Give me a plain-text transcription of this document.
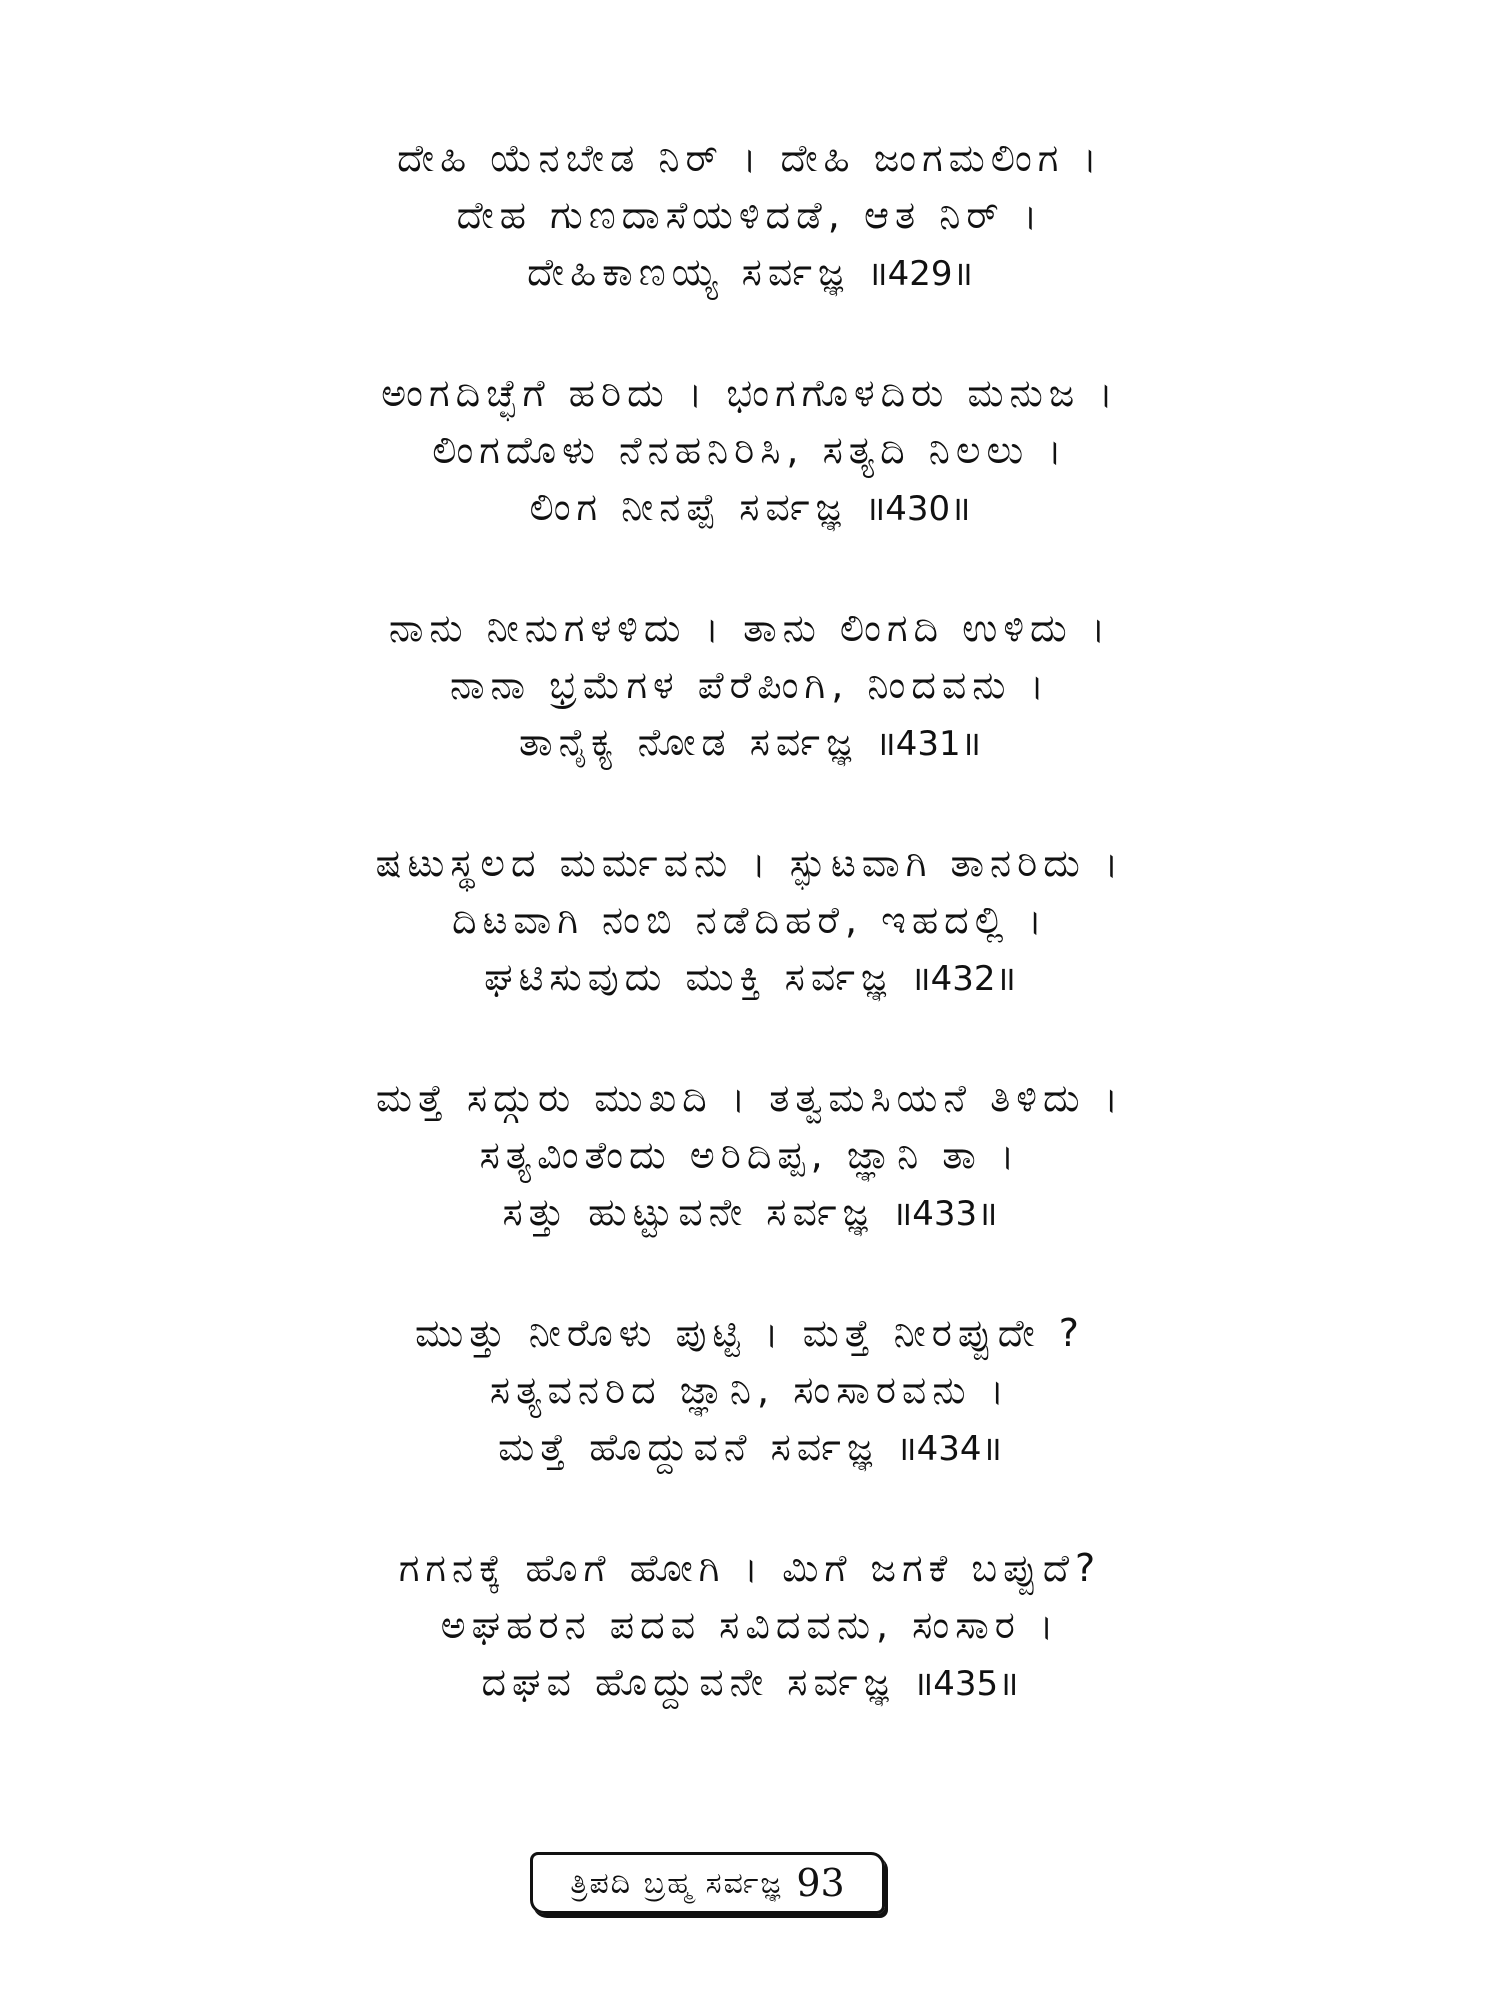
ದೇಹಿ ಯೆನಬೇಡ ನಿರ್ । ದೇಹಿ ಜಂಗಮಲಿಂಗ ।
ದೇಹ ಗುಣದಾಸೆಯಳಿದಡೆ, ಆತ ನಿರ್ ।
ದೇಹಿಕಾಣಯ್ಯ ಸರ್ವಜ್ಞ ॥429॥
ಅಂಗದಿಚ್ಛೆಗೆ ಹರಿದು । ಭಂಗಗೊಳದಿರು ಮನುಜ ।
ಲಿಂಗದೊಳು ನೆನಹನಿರಿಸಿ, ಸತ್ಯದಿ ನಿಲಲು ।
ಲಿಂಗ ನೀನಪ್ಪೆ ಸರ್ವಜ್ಞ ॥430॥
ನಾನು ನೀನುಗಳಳಿದು । ತಾನು ಲಿಂಗದಿ ಉಳಿದು ।
ನಾನಾ ಭ್ರಮೆಗಳ ಪೆರೆಪಿಂಗಿ, ನಿಂದವನು ।
ತಾನೈಕ್ಯ ನೋಡ ಸರ್ವಜ್ಞ ॥431॥
ಷಟುಸ್ಥಲದ ಮರ್ಮವನು । ಸ್ಫುಟವಾಗಿ ತಾನರಿದು ।
ದಿಟವಾಗಿ ನಂಬಿ ನಡೆದಿಹರೆ, ಇಹದಲ್ಲಿ ।
ಘಟಿಸುವುದು ಮುಕ್ತಿ ಸರ್ವಜ್ಞ ॥432॥
ಮತ್ತೆ ಸದ್ಗುರು ಮುಖದಿ । ತತ್ವಮಸಿಯನೆ ತಿಳಿದು ।
ಸತ್ಯವಿಂತೆಂದು ಅರಿದಿಪ್ಪ, ಜ್ಞಾನಿ ತಾ ।
ಸತ್ತು ಹುಟ್ಟುವನೇ ಸರ್ವಜ್ಞ ॥433॥
ಮುತ್ತು ನೀರೊಳು ಪುಟ್ಟಿ । ಮತ್ತೆ ನೀರಪ್ಪುದೇ ?
ಸತ್ಯವನರಿದ ಜ್ಞಾನಿ, ಸಂಸಾರವನು ।
ಮತ್ತೆ ಹೊದ್ದುವನೆ ಸರ್ವಜ್ಞ ॥434॥
ಗಗನಕ್ಕೆ ಹೊಗೆ ಹೋಗಿ । ಮಿಗೆ ಜಗಕೆ ಬಪ್ಪುದೆ?
ಅಘಹರನ ಪದವ ಸವಿದವನು, ಸಂಸಾರ ।
ದಘವ ಹೊದ್ದುವನೇ ಸರ್ವಜ್ಞ ॥435॥
ತ್ರಿಪದಿ ಬ್ರಹ್ಮ ಸರ್ವಜ್ಞ 93
